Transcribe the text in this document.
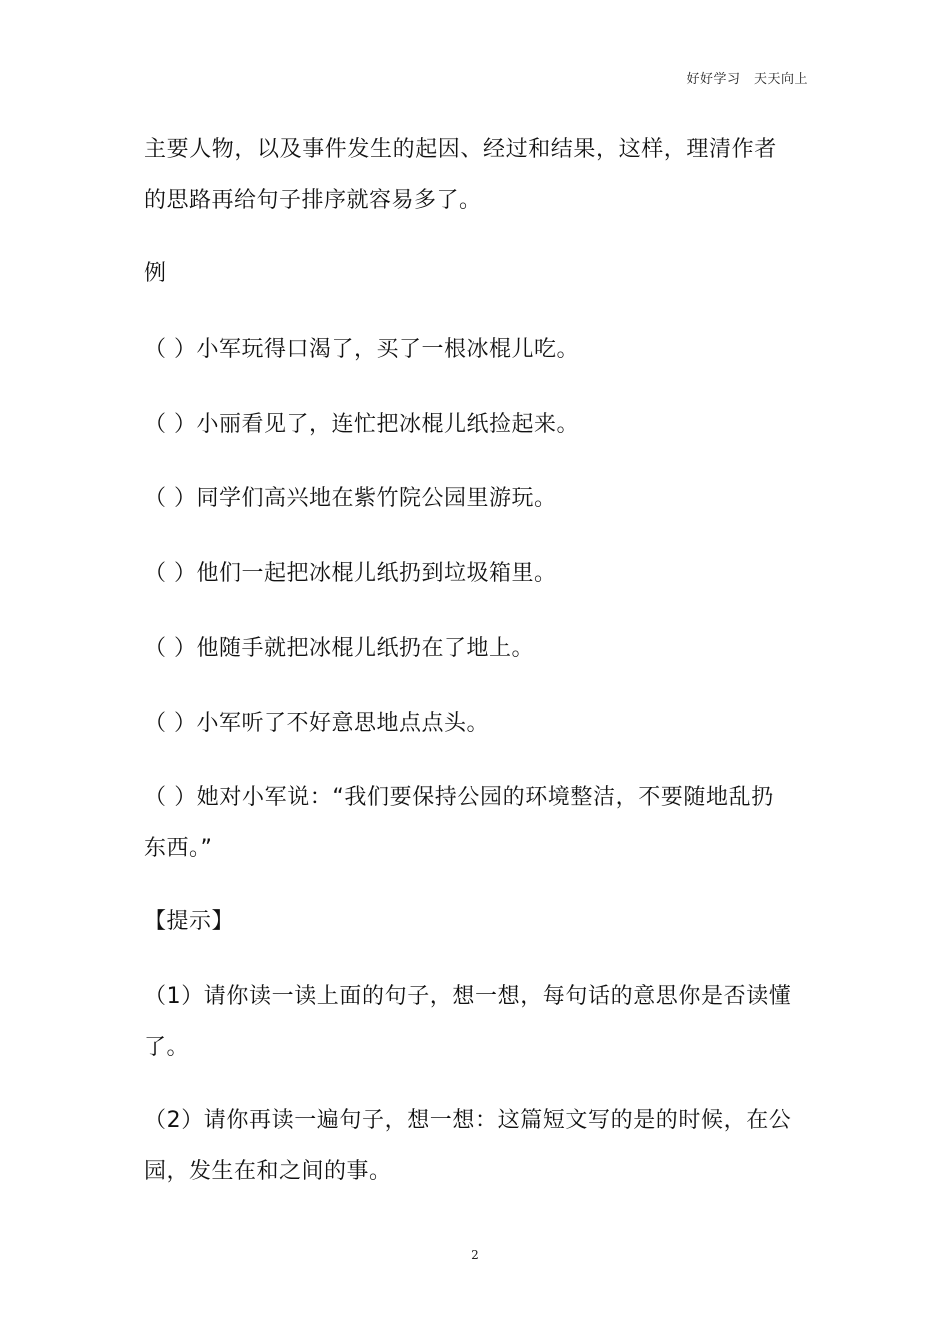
好好学习　天天向上
主要人物，以及事件发生的起因、经过和结果，这样，理清作者
的思路再给句子排序就容易多了。
例
（ ）小军玩得口渴了，买了一根冰棍儿吃。
（ ）小丽看见了，连忙把冰棍儿纸捡起来。
（ ）同学们高兴地在紫竹院公园里游玩。
（ ）他们一起把冰棍儿纸扔到垃圾箱里。
（ ）他随手就把冰棍儿纸扔在了地上。
（ ）小军听了不好意思地点点头。
（ ）她对小军说：“我们要保持公园的环境整洁，不要随地乱扔
东西。”
【提示】
（1）请你读一读上面的句子，想一想，每句话的意思你是否读懂
了。
（2）请你再读一遍句子，想一想：这篇短文写的是的时候，在公
园，发生在和之间的事。
2
